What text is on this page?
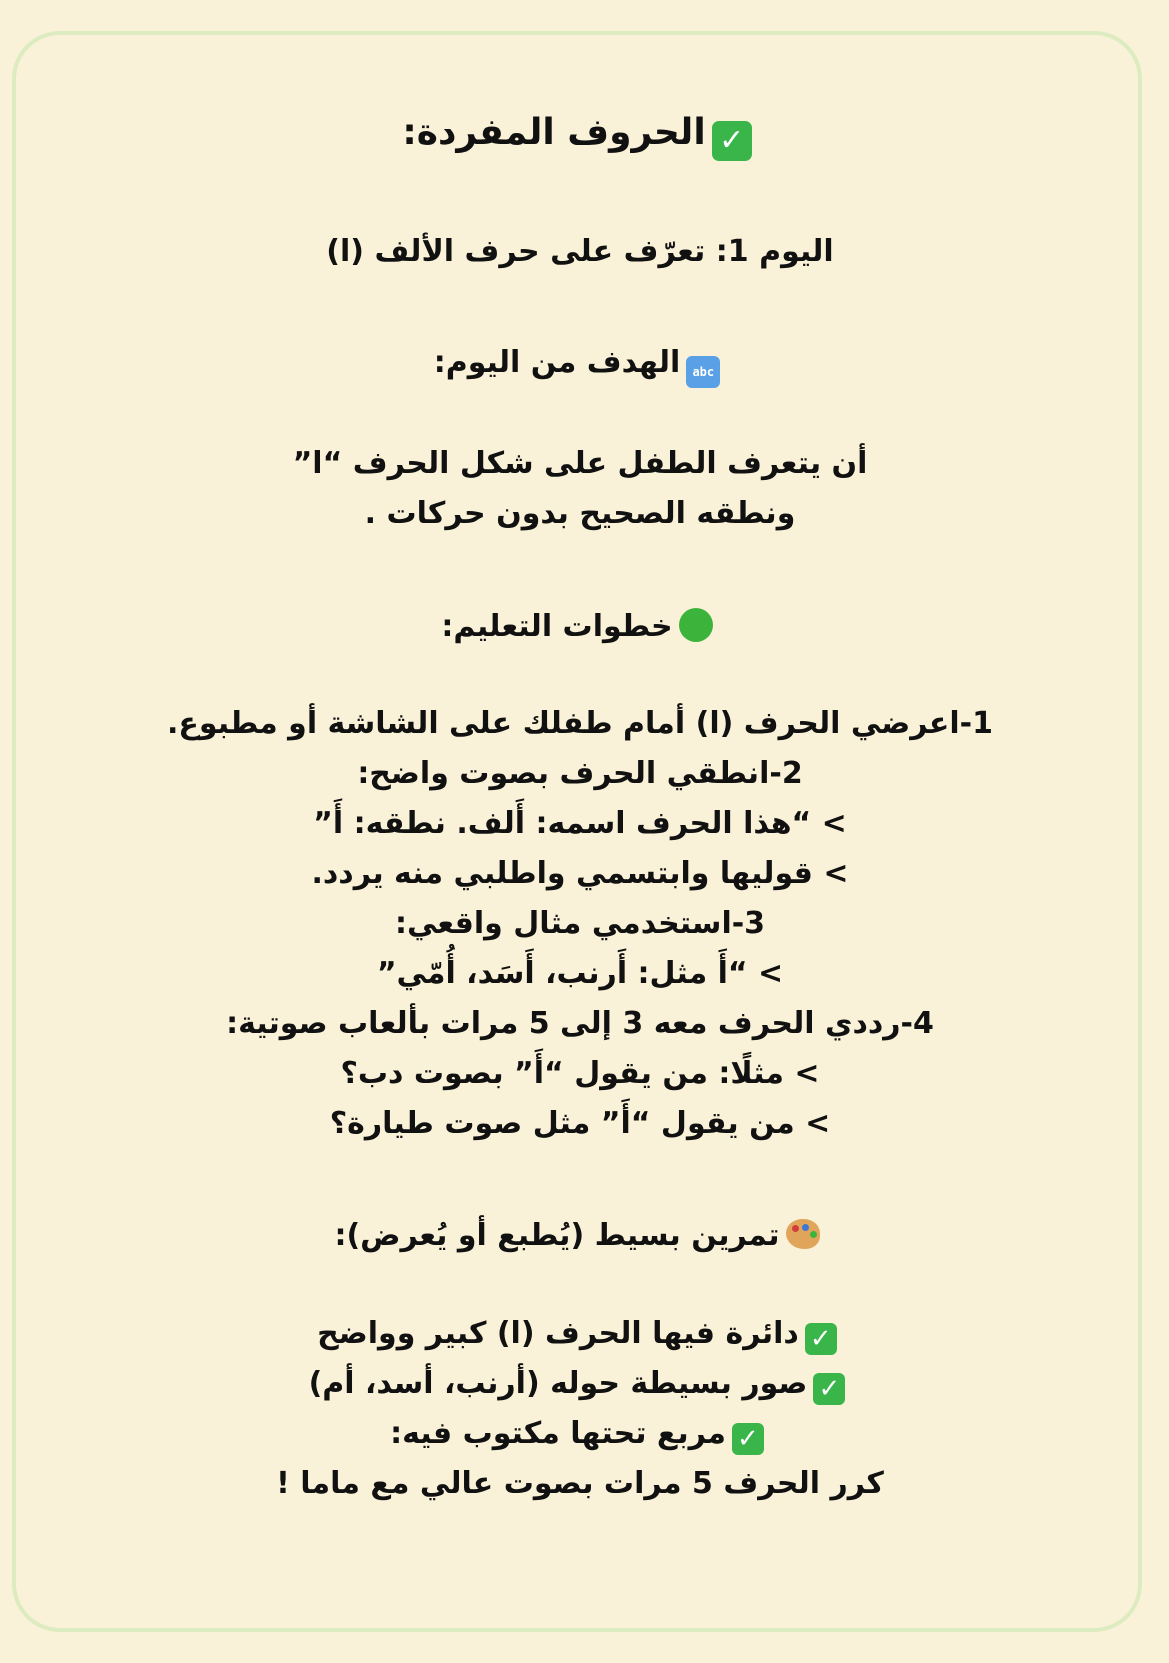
✓الحروف المفردة:
اليوم 1: تعرّف على حرف الألف (ا)
abcالهدف من اليوم:
أن يتعرف الطفل على شكل الحرف “ا”
ونطقه الصحيح بدون حركات .
خطوات التعليم:
1-اعرضي الحرف (ا) أمام طفلك على الشاشة أو مطبوع.
2-انطقي الحرف بصوت واضح:
> “هذا الحرف اسمه: أَلف. نطقه: أَ”
> قوليها وابتسمي واطلبي منه يردد.
3-استخدمي مثال واقعي:
> “أَ مثل: أَرنب، أَسَد، أُمّي”
4-رددي الحرف معه 3 إلى 5 مرات بألعاب صوتية:
> مثلًا: من يقول “أَ” بصوت دب؟
> من يقول “أَ” مثل صوت طيارة؟
تمرين بسيط (يُطبع أو يُعرض):
✓دائرة فيها الحرف (ا) كبير وواضح
✓صور بسيطة حوله (أرنب، أسد، أم)
✓مربع تحتها مكتوب فيه:
كرر الحرف 5 مرات بصوت عالي مع ماما !
